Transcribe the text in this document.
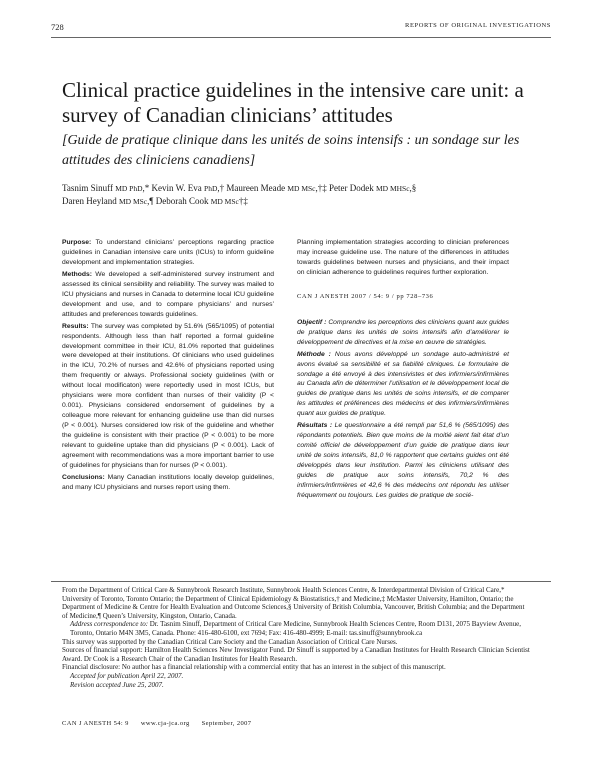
728	REPORTS OF ORIGINAL INVESTIGATIONS
Clinical practice guidelines in the intensive care unit: a survey of Canadian clinicians’ attitudes
[Guide de pratique clinique dans les unités de soins intensifs : un sondage sur les attitudes des cliniciens canadiens]
Tasnim Sinuff MD PhD,* Kevin W. Eva PhD,† Maureen Meade MD MSc,†‡ Peter Dodek MD MHSc,§
Daren Heyland MD MSc,¶ Deborah Cook MD MSc†‡

Purpose: To understand clinicians’ perceptions regarding practice guidelines in Canadian intensive care units (ICUs) to inform guideline development and implementation strategies.

Methods: We developed a self-administered survey instrument and assessed its clinical sensibility and reliability. The survey was mailed to ICU physicians and nurses in Canada to determine local ICU guideline development and use, and to compare physicians’ and nurses’ attitudes and preferences towards guidelines.

Results: The survey was completed by 51.6% (565/1095) of potential respondents. Although less than half reported a formal guideline development committee in their ICU, 81.0% reported that guidelines were developed at their institutions. Of clinicians who used guidelines in the ICU, 70.2% of nurses and 42.6% of physicians reported using them frequently or always. Professional society guidelines (with or without local modificaton) were reportedly used in most ICUs, but physicians were more confident than nurses of their validity (P < 0.001). Physicians considered endorsement of guidelines by a colleague more relevant for enhancing guideline use than did nurses (P < 0.001). Nurses considered low risk of the guideline and whether the guideline is consistent with their practice (P < 0.001) to be more relevant to guideline uptake than did physicians (P < 0.001). Lack of agreement with recommendations was a more important barrier to use of guidelines for physicians than for nurses (P < 0.001).

Conclusions: Many Canadian institutions locally develop guidelines, and many ICU physicians and nurses report using them.

Planning implementation strategies according to clinician preferences may increase guideline use. The nature of the differences in attitudes towards guidelines between nurses and physicians, and their impact on clinician adherence to guidelines requires further exploration.

CAN J ANESTH 2007 / 54: 9 / pp 728–736

Objectif : Comprendre les perceptions des cliniciens quant aux guides de pratique dans les unités de soins intensifs afin d’améliorer le développement de directives et la mise en œuvre de stratégies.

Méthode : Nous avons développé un sondage auto-administré et avons évalué sa sensibilité et sa fiabilité cliniques. Le formulaire de sondage a été envoyé à des intensivistes et des infirmiers/infirmières au Canada afin de déterminer l’utilisation et le développement local de guides de pratique dans les unités de soins intensifs, et de comparer les attitudes et préférences des médecins et des infirmiers/infirmières quant aux guides de pratique.

Résultats : Le questionnaire a été rempli par 51,6 % (565/1095) des répondants potentiels. Bien que moins de la moitié aient fait état d’un comité officiel de développement d’un guide de pratique dans leur unité de soins intensifs, 81,0 % rapportent que certains guides ont été développés dans leur institution. Parmi les cliniciens utilisant des guides de pratique aux soins intensifs, 70,2 % des infirmiers/infirmières et 42,6 % des médecins ont répondu les utiliser fréquemment ou toujours. Les guides de pratique de socié-

From the Department of Critical Care & Sunnybrook Research Institute, Sunnybrook Health Sciences Centre, & Interdepartmental Division of Critical Care,* University of Toronto, Toronto Ontario; the Department of Clinical Epidemiology & Biostatistics,† and Medicine,‡ McMaster University, Hamilton, Ontario; the Department of Medicine & Centre for Health Evaluation and Outcome Sciences,§ University of British Columbia, Vancouver, British Columbia; and the Department of Medicine,¶ Queen’s University, Kingston, Ontario, Canada.

Address correspondence to: Dr. Tasnim Sinuff, Department of Critical Care Medicine, Sunnybrook Health Sciences Centre, Room D131, 2075 Bayview Avenue, Toronto, Ontario M4N 3M5, Canada. Phone: 416-480-6100, ext 7694; Fax: 416-480-4999; E-mail: tas.sinuff@sunnybrook.ca

This survey was supported by the Canadian Critical Care Society and the Canadian Association of Critical Care Nurses.

Sources of financial support: Hamilton Health Sciences New Investigator Fund. Dr Sinuff is supported by a Canadian Institutes for Health Research Clinician Scientist Award. Dr Cook is a Research Chair of the Canadian Institutes for Health Research.

Financial disclosure: No author has a financial relationship with a commercial entity that has an interest in the subject of this manuscript.

Accepted for publication April 22, 2007.

Revision accepted June 25, 2007.

CAN J ANESTH 54: 9 www.cja-jca.org September, 2007
